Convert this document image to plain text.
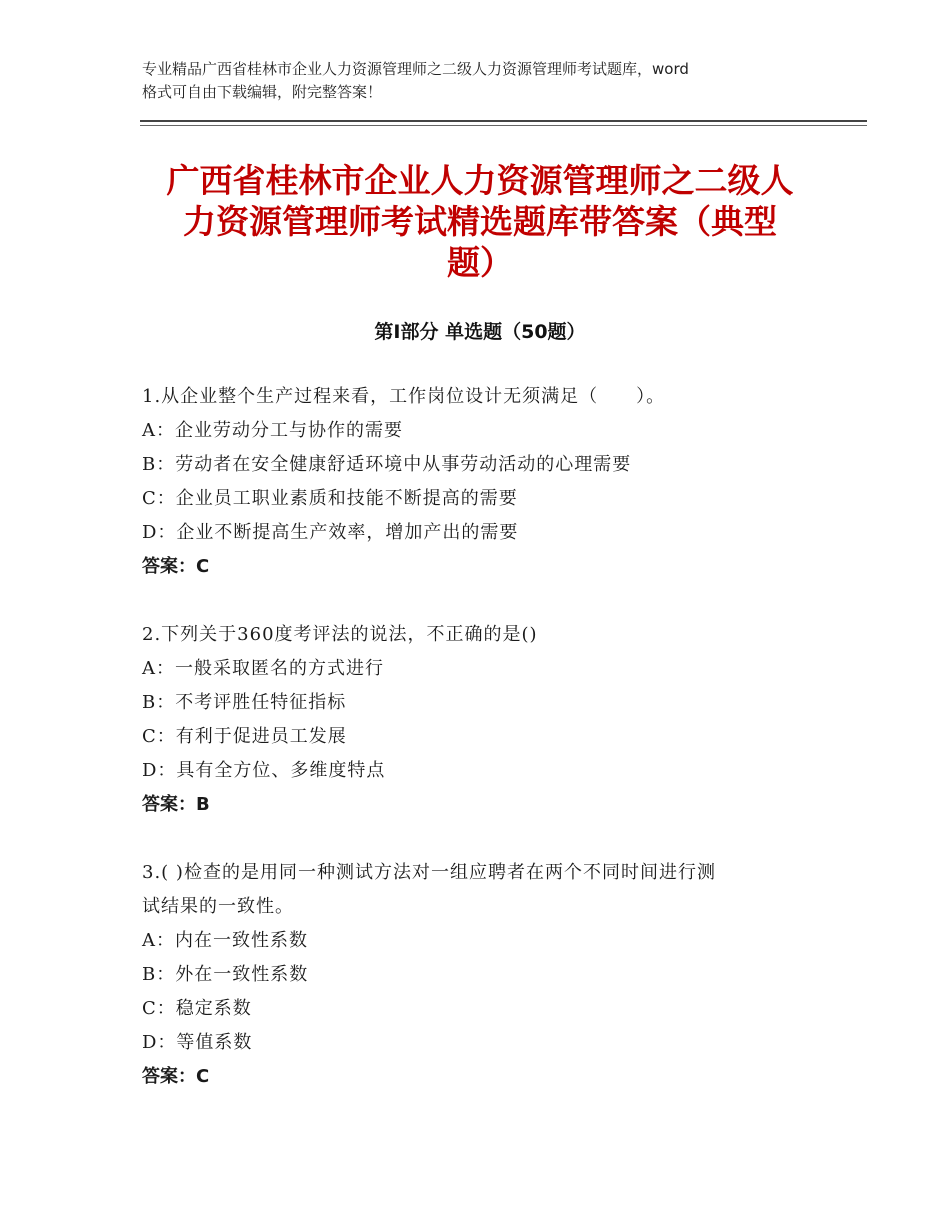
专业精品广西省桂林市企业人力资源管理师之二级人力资源管理师考试题库，word
格式可自由下载编辑，附完整答案！
广西省桂林市企业人力资源管理师之二级人
力资源管理师考试精选题库带答案（典型
题）
第Ⅰ部分 单选题（50题）
1.从企业整个生产过程来看，工作岗位设计无须满足（　　）。
A：企业劳动分工与协作的需要
B：劳动者在安全健康舒适环境中从事劳动活动的心理需要
C：企业员工职业素质和技能不断提高的需要
D：企业不断提高生产效率，增加产出的需要
答案：C
2.下列关于360度考评法的说法，不正确的是()
A：一般采取匿名的方式进行
B：不考评胜任特征指标
C：有利于促进员工发展
D：具有全方位、多维度特点
答案：B
3.( )检查的是用同一种测试方法对一组应聘者在两个不同时间进行测
试结果的一致性。
A：内在一致性系数
B：外在一致性系数
C：稳定系数
D：等值系数
答案：C
